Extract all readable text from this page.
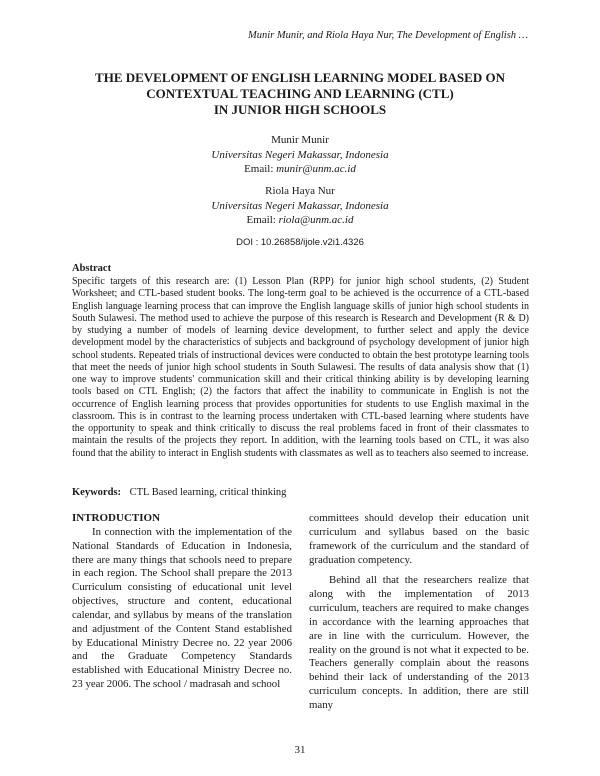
Munir Munir, and Riola Haya Nur, The Development of English …
THE DEVELOPMENT OF ENGLISH LEARNING MODEL BASED ON
CONTEXTUAL TEACHING AND LEARNING (CTL)
IN JUNIOR HIGH SCHOOLS
Munir Munir
Universitas Negeri Makassar, Indonesia
Email: munir@unm.ac.id
Riola Haya Nur
Universitas Negeri Makassar, Indonesia
Email: riola@unm.ac.id
DOI : 10.26858/ijole.v2i1.4326
Abstract

Specific targets of this research are: (1) Lesson Plan (RPP) for junior high school students, (2) Student Worksheet; and CTL-based student books. The long-term goal to be achieved is the occurrence of a CTL-based English language learning process that can improve the English language skills of junior high school students in South Sulawesi. The method used to achieve the purpose of this research is Research and Development (R & D) by studying a number of models of learning device development, to further select and apply the device development model by the characteristics of subjects and background of psychology development of junior high school students. Repeated trials of instructional devices were conducted to obtain the best prototype learning tools that meet the needs of junior high school students in South Sulawesi. The results of data analysis show that (1) one way to improve students' communication skill and their critical thinking ability is by developing learning tools based on CTL English; (2) the factors that affect the inability to communicate in English is not the occurrence of English learning process that provides opportunities for students to use English maximal in the classroom. This is in contrast to the learning process undertaken with CTL-based learning where students have the opportunity to speak and think critically to discuss the real problems faced in front of their classmates to maintain the results of the projects they report. In addition, with the learning tools based on CTL, it was also found that the ability to interact in English students with classmates as well as to teachers also seemed to increase.

Keywords: CTL Based learning, critical thinking
INTRODUCTION

In connection with the implementation of the National Standards of Education in Indonesia, there are many things that schools need to prepare in each region. The School shall prepare the 2013 Curriculum consisting of educational unit level objectives, structure and content, educational calendar, and syllabus by means of the translation and adjustment of the Content Stand established by Educational Ministry Decree no. 22 year 2006 and the Graduate Competency Standards established with Educational Ministry Decree no. 23 year 2006. The school / madrasah and school

committees should develop their education unit curriculum and syllabus based on the basic framework of the curriculum and the standard of graduation competency.

Behind all that the researchers realize that along with the implementation of 2013 curriculum, teachers are required to make changes in accordance with the learning approaches that are in line with the curriculum. However, the reality on the ground is not what it expected to be. Teachers generally complain about the reasons behind their lack of understanding of the 2013 curriculum concepts. In addition, there are still many

31
